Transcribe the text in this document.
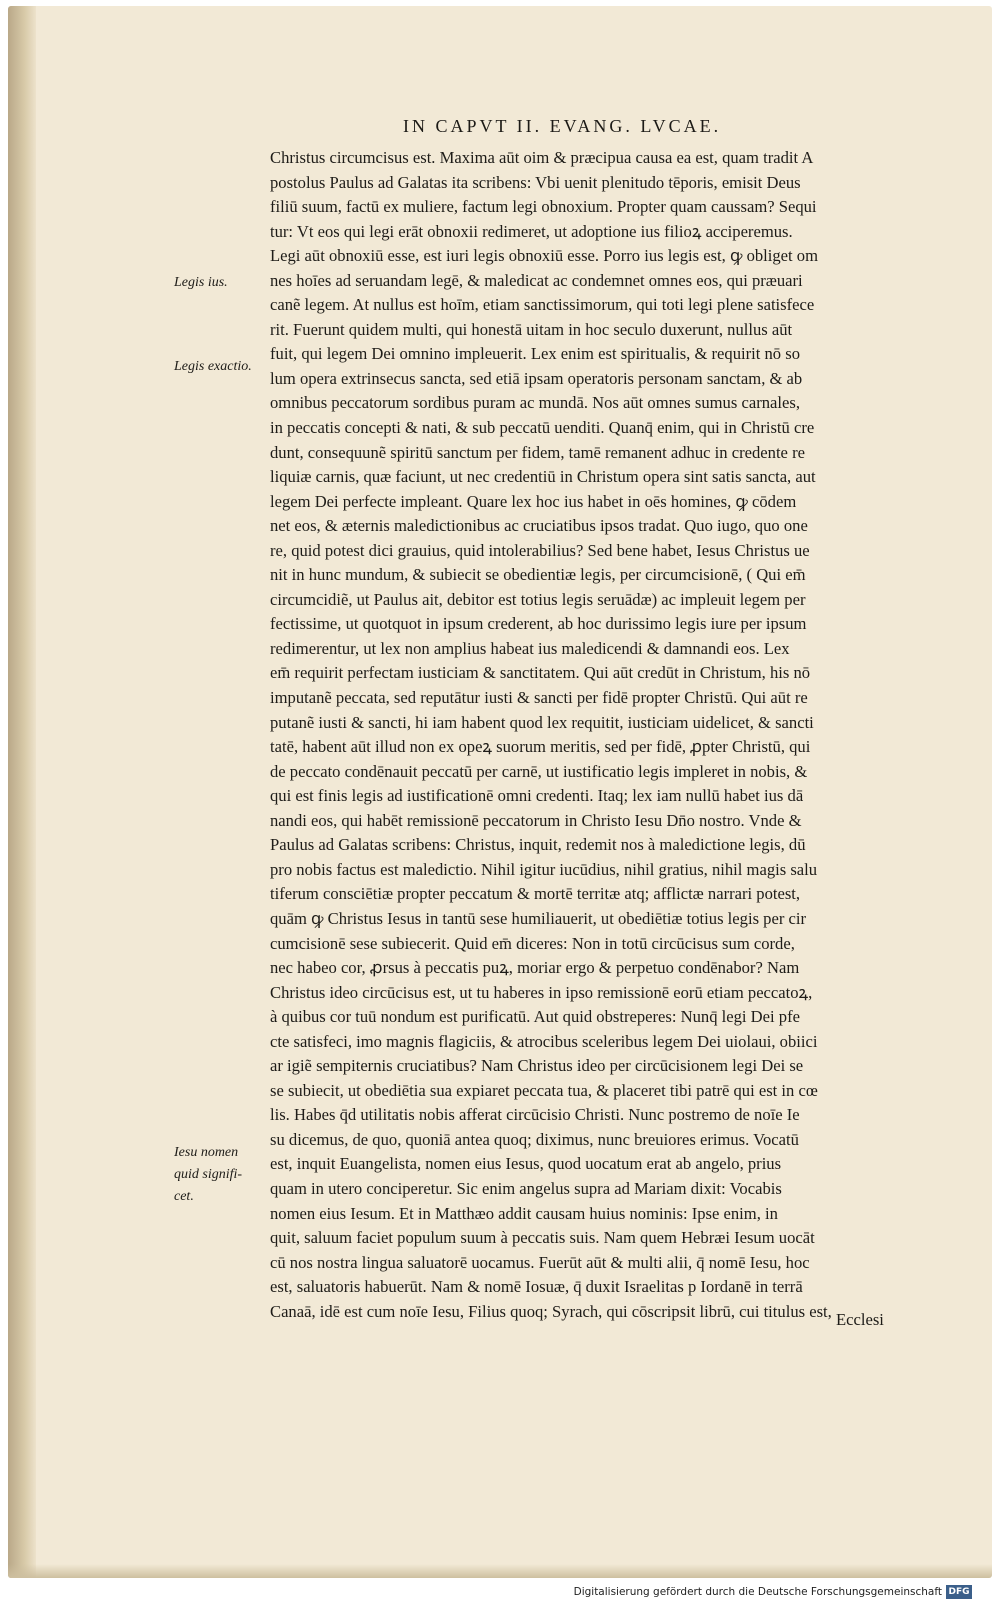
IN CAPVT II. EVANG. LVCAE.
Legis ius.
Legis exactio.
Iesu nomen
quid signifi-
cet.
Christus circumcisus est. Maxima aūt oim & præcipua causa ea est, quam tradit A
postolus Paulus ad Galatas ita scribens: Vbi uenit plenitudo tēporis, emisit Deus
filiū suum, factū ex muliere, factum legi obnoxium. Propter quam caussam? Sequi
tur: Vt eos qui legi erāt obnoxii redimeret, ut adoptione ius filioꝝ acciperemus.
Legi aūt obnoxiū esse, est iuri legis obnoxiū esse. Porro ius legis est, ꝙ obliget om
nes hoīes ad seruandam legē, & maledicat ac condemnet omnes eos, qui præuari
canẽ legem. At nullus est hoīm, etiam sanctissimorum, qui toti legi plene satisfece
rit. Fuerunt quidem multi, qui honestā uitam in hoc seculo duxerunt, nullus aūt
fuit, qui legem Dei omnino impleuerit. Lex enim est spiritualis, & requirit nō so
lum opera extrinsecus sancta, sed etiā ipsam operatoris personam sanctam, & ab
omnibus peccatorum sordibus puram ac mundā. Nos aūt omnes sumus carnales,
in peccatis concepti & nati, & sub peccatū uenditi. Quanq̄ enim, qui in Christū cre
dunt, consequunẽ spiritū sanctum per fidem, tamē remanent adhuc in credente re
liquiæ carnis, quæ faciunt, ut nec credentiū in Christum opera sint satis sancta, aut
legem Dei perfecte impleant. Quare lex hoc ius habet in oēs homines, ꝙ cōdem
net eos, & æternis maledictionibus ac cruciatibus ipsos tradat. Quo iugo, quo one
re, quid potest dici grauius, quid intolerabilius? Sed bene habet, Iesus Christus ue
nit in hunc mundum, & subiecit se obedientiæ legis, per circumcisionē, ( Qui em̄
circumcidiẽ, ut Paulus ait, debitor est totius legis seruādæ) ac impleuit legem per
fectissime, ut quotquot in ipsum crederent, ab hoc durissimo legis iure per ipsum
redimerentur, ut lex non amplius habeat ius maledicendi & damnandi eos. Lex
em̄ requirit perfectam iusticiam & sanctitatem. Qui aūt credūt in Christum, his nō
imputanẽ peccata, sed reputātur iusti & sancti per fidē propter Christū. Qui aūt re
putanẽ iusti & sancti, hi iam habent quod lex requitit, iusticiam uidelicet, & sancti
tatē, habent aūt illud non ex opeꝝ suorum meritis, sed per fidē, ꝓpter Christū, qui
de peccato condēnauit peccatū per carnē, ut iustificatio legis impleret in nobis, &
qui est finis legis ad iustificationē omni credenti. Itaq; lex iam nullū habet ius dā
nandi eos, qui habēt remissionē peccatorum in Christo Iesu Dn̄o nostro. Vnde &
Paulus ad Galatas scribens: Christus, inquit, redemit nos à maledictione legis, dū
pro nobis factus est maledictio. Nihil igitur iucūdius, nihil gratius, nihil magis salu
tiferum consciētiæ propter peccatum & mortē territæ atq; afflictæ narrari potest,
quām ꝙ Christus Iesus in tantū sese humiliauerit, ut obediētiæ totius legis per cir
cumcisionē sese subiecerit. Quid em̄ diceres: Non in totū circūcisus sum corde,
nec habeo cor, ꝓrsus à peccatis puꝝ, moriar ergo & perpetuo condēnabor? Nam
Christus ideo circūcisus est, ut tu haberes in ipso remissionē eorū etiam peccatoꝝ,
à quibus cor tuū nondum est purificatū. Aut quid obstreperes: Nunq̄ legi Dei pfe
cte satisfeci, imo magnis flagiciis, & atrocibus sceleribus legem Dei uiolaui, obiici
ar igiẽ sempiternis cruciatibus? Nam Christus ideo per circūcisionem legi Dei se
se subiecit, ut obediētia sua expiaret peccata tua, & placeret tibi patrē qui est in cœ
lis. Habes q̄d utilitatis nobis afferat circūcisio Christi. Nunc postremo de noīe Ie
su dicemus, de quo, quoniā antea quoq; diximus, nunc breuiores erimus. Vocatū
est, inquit Euangelista, nomen eius Iesus, quod uocatum erat ab angelo, prius
quam in utero conciperetur. Sic enim angelus supra ad Mariam dixit: Vocabis
nomen eius Iesum. Et in Matthæo addit causam huius nominis: Ipse enim, in
quit, saluum faciet populum suum à peccatis suis. Nam quem Hebræi Iesum uocāt
cū nos nostra lingua saluatorē uocamus. Fuerūt aūt & multi alii, q̄ nomē Iesu, hoc
est, saluatoris habuerūt. Nam & nomē Iosuæ, q̄ duxit Israelitas p Iordanē in terrā
Canaā, idē est cum noīe Iesu, Filius quoq; Syrach, qui cōscripsit librū, cui titulus est, Ecclesi
Digitalisierung gefördert durch die Deutsche Forschungsgemeinschaft DFG
